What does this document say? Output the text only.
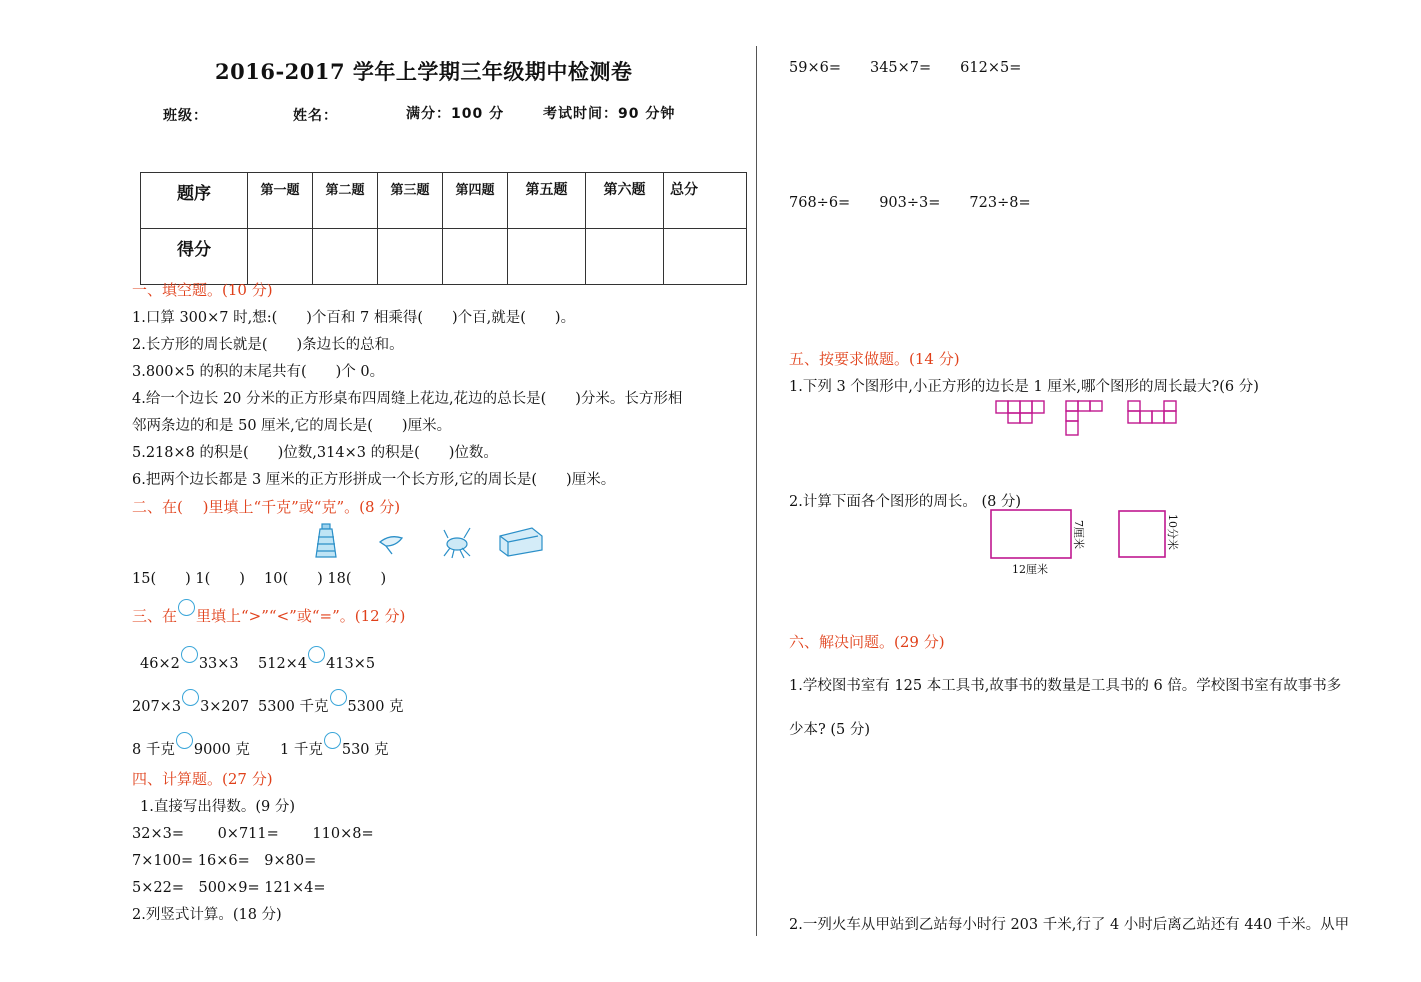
2016-2017 学年上学期三年级期中检测卷
班级：	姓名：	满分：100 分	考试时间：90 分钟
题序	第一题	第二题	第三题	第四题	第五题	第六题	总分
得分							
一、填空题。(10 分)
1.口算 300×7 时,想:(　　)个百和 7 相乘得(　　)个百,就是(　　)。
2.长方形的周长就是(　　)条边长的总和。
3.800×5 的积的末尾共有(　　)个 0。
4.给一个边长 20 分米的正方形桌布四周缝上花边,花边的总长是(　　)分米。长方形相
邻两条边的和是 50 厘米,它的周长是(　　)厘米。
5.218×8 的积是(　　)位数,314×3 的积是(　　)位数。
6.把两个边长都是 3 厘米的正方形拼成一个长方形,它的周长是(　　)厘米。
二、在(　 )里填上“千克”或“克”。(8 分)
15(　　) 1(　　)　 10(　　) 18(　　)
三、在 里填上“>”“<”或“=”。(12 分)
46×2 33×3 512×4 413×5
207×3 3×207 5300 千克 5300 克
8 千克 9000 克 1 千克 530 克
四、计算题。(27 分)
1.直接写出得数。(9 分)
32×3=　　 0×711=　　 110×8=
7×100= 16×6=　9×80=
5×22=　500×9= 121×4=
2.列竖式计算。(18 分)
59×6=　　345×7=　　612×5=
768÷6=　　903÷3=　　723÷8=
五、按要求做题。(14 分)
1.下列 3 个图形中,小正方形的边长是 1 厘米,哪个图形的周长最大?(6 分)
2.计算下面各个图形的周长。 (8 分)
12厘米
7厘米	10分米
六、解决问题。(29 分)
1.学校图书室有 125 本工具书,故事书的数量是工具书的 6 倍。学校图书室有故事书多
少本? (5 分)
2.一列火车从甲站到乙站每小时行 203 千米,行了 4 小时后离乙站还有 440 千米。从甲
